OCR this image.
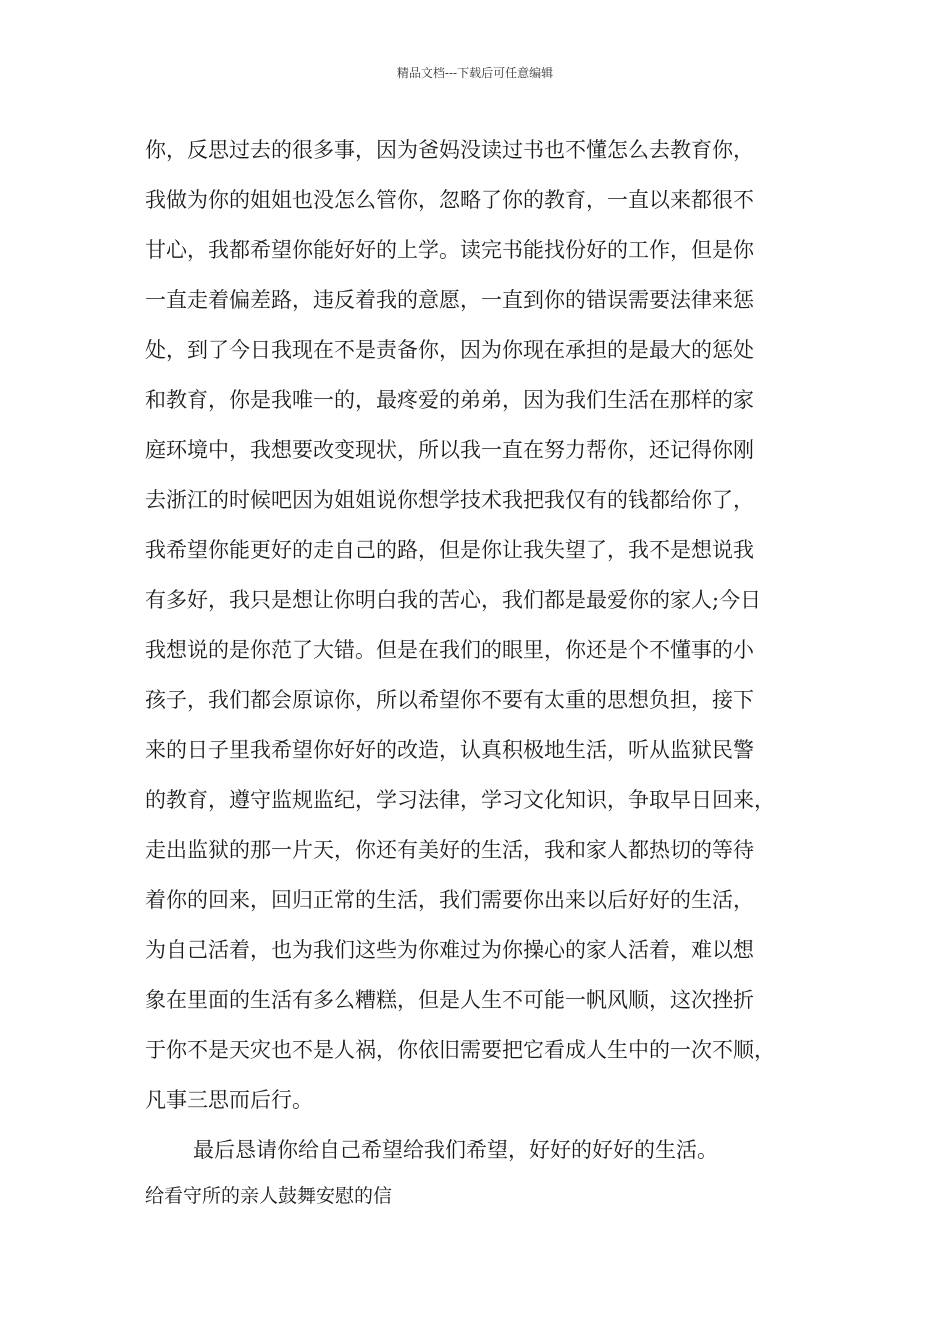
精品文档---下载后可任意编辑
你，反思过去的很多事，因为爸妈没读过书也不懂怎么去教育你，
我做为你的姐姐也没怎么管你，忽略了你的教育，一直以来都很不
甘心，我都希望你能好好的上学。读完书能找份好的工作，但是你
一直走着偏差路，违反着我的意愿，一直到你的错误需要法律来惩
处，到了今日我现在不是责备你，因为你现在承担的是最大的惩处
和教育，你是我唯一的，最疼爱的弟弟，因为我们生活在那样的家
庭环境中，我想要改变现状，所以我一直在努力帮你，还记得你刚
去浙江的时候吧因为姐姐说你想学技术我把我仅有的钱都给你了，
我希望你能更好的走自己的路，但是你让我失望了，我不是想说我
有多好，我只是想让你明白我的苦心，我们都是最爱你的家人;今日
我想说的是你范了大错。但是在我们的眼里，你还是个不懂事的小
孩子，我们都会原谅你，所以希望你不要有太重的思想负担，接下
来的日子里我希望你好好的改造，认真积极地生活，听从监狱民警
的教育，遵守监规监纪，学习法律，学习文化知识，争取早日回来，
走出监狱的那一片天，你还有美好的生活，我和家人都热切的等待
着你的回来，回归正常的生活，我们需要你出来以后好好的生活，
为自己活着，也为我们这些为你难过为你操心的家人活着，难以想
象在里面的生活有多么糟糕，但是人生不可能一帆风顺，这次挫折
于你不是天灾也不是人祸，你依旧需要把它看成人生中的一次不顺，
凡事三思而后行。
最后恳请你给自己希望给我们希望，好好的好好的生活。
给看守所的亲人鼓舞安慰的信
